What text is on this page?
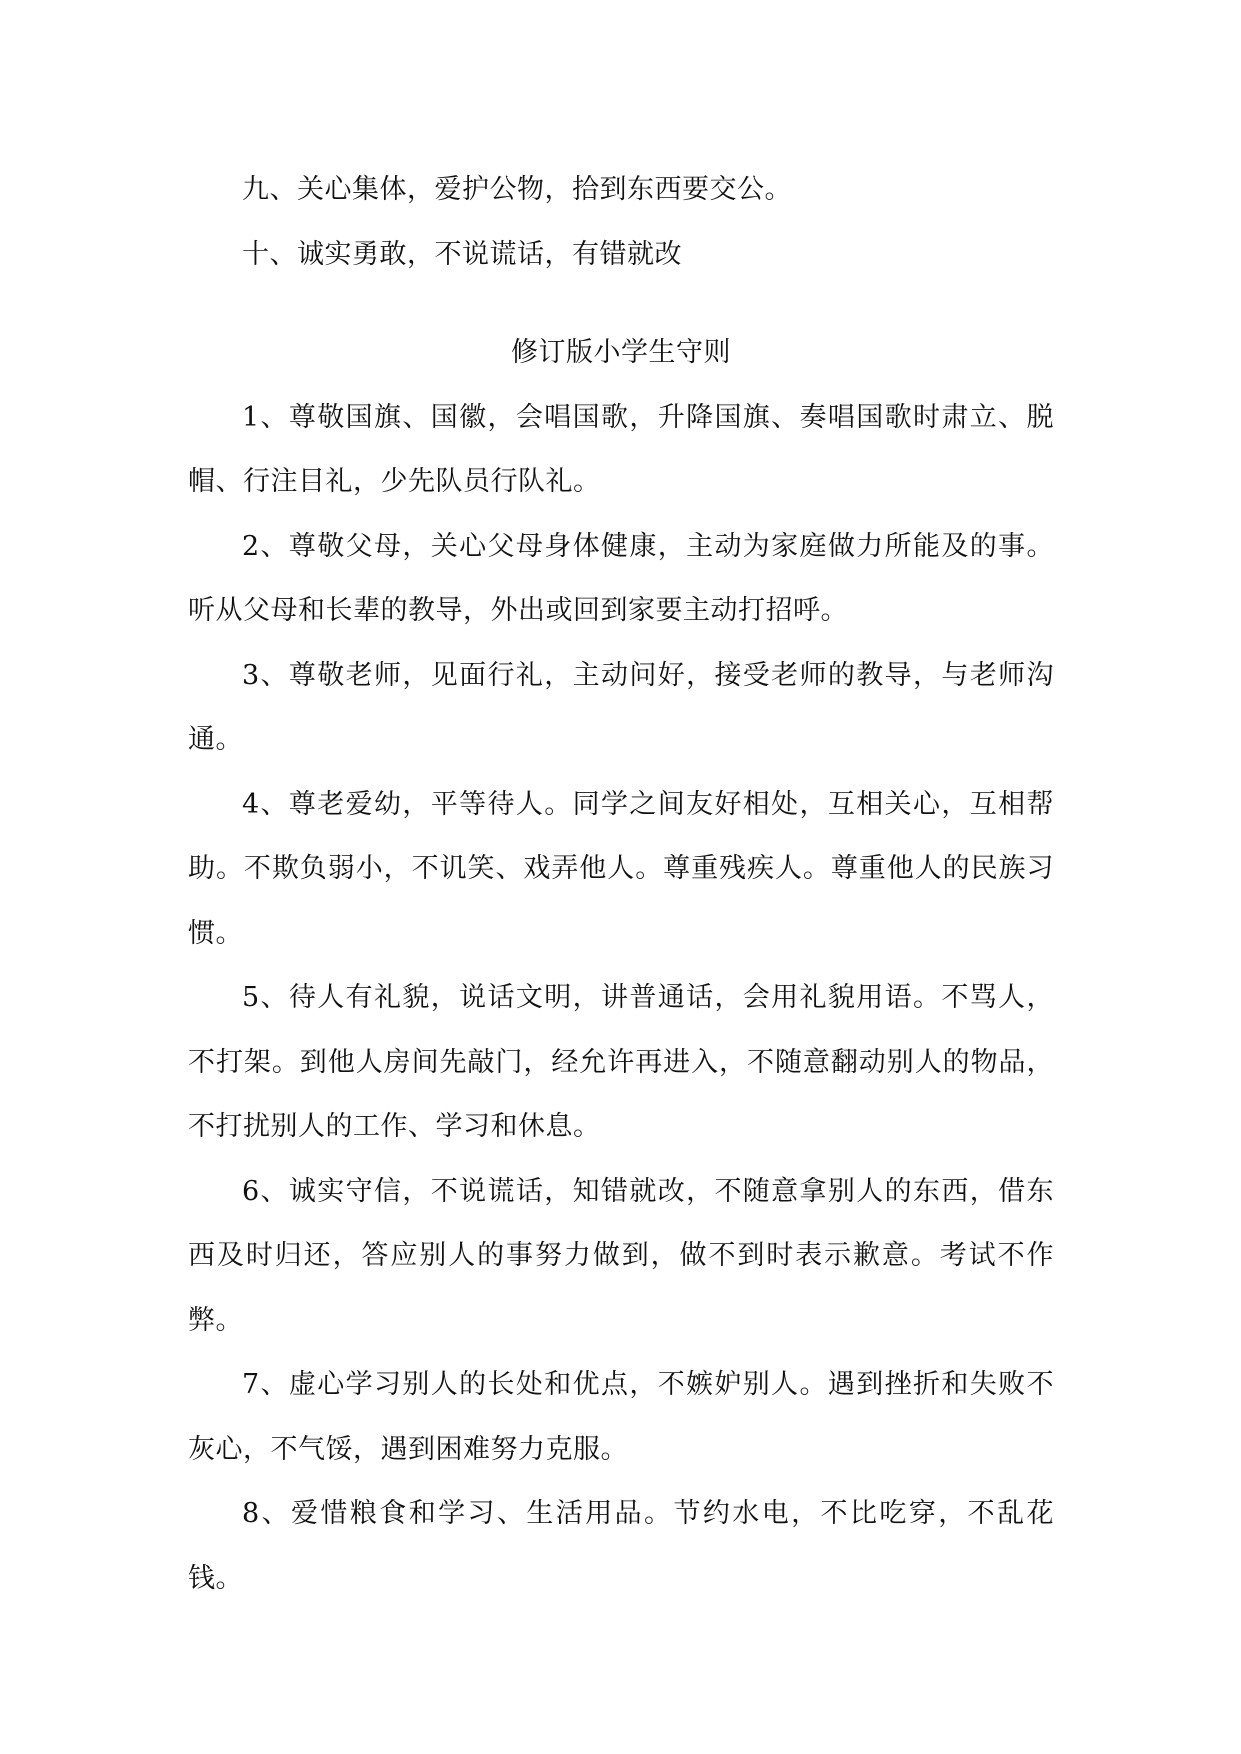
九、关心集体，爱护公物，拾到东西要交公。

十、诚实勇敢，不说谎话，有错就改

修订版小学生守则

1、尊敬国旗、国徽，会唱国歌，升降国旗、奏唱国歌时肃立、脱帽、行注目礼，少先队员行队礼。

2、尊敬父母，关心父母身体健康，主动为家庭做力所能及的事。听从父母和长辈的教导，外出或回到家要主动打招呼。

3、尊敬老师，见面行礼，主动问好，接受老师的教导，与老师沟通。

4、尊老爱幼，平等待人。同学之间友好相处，互相关心，互相帮助。不欺负弱小，不讥笑、戏弄他人。尊重残疾人。尊重他人的民族习惯。

5、待人有礼貌，说话文明，讲普通话，会用礼貌用语。不骂人，不打架。到他人房间先敲门，经允许再进入，不随意翻动别人的物品，不打扰别人的工作、学习和休息。

6、诚实守信，不说谎话，知错就改，不随意拿别人的东西，借东西及时归还，答应别人的事努力做到，做不到时表示歉意。考试不作弊。

7、虚心学习别人的长处和优点，不嫉妒别人。遇到挫折和失败不灰心，不气馁，遇到困难努力克服。

8、爱惜粮食和学习、生活用品。节约水电，不比吃穿，不乱花钱。
